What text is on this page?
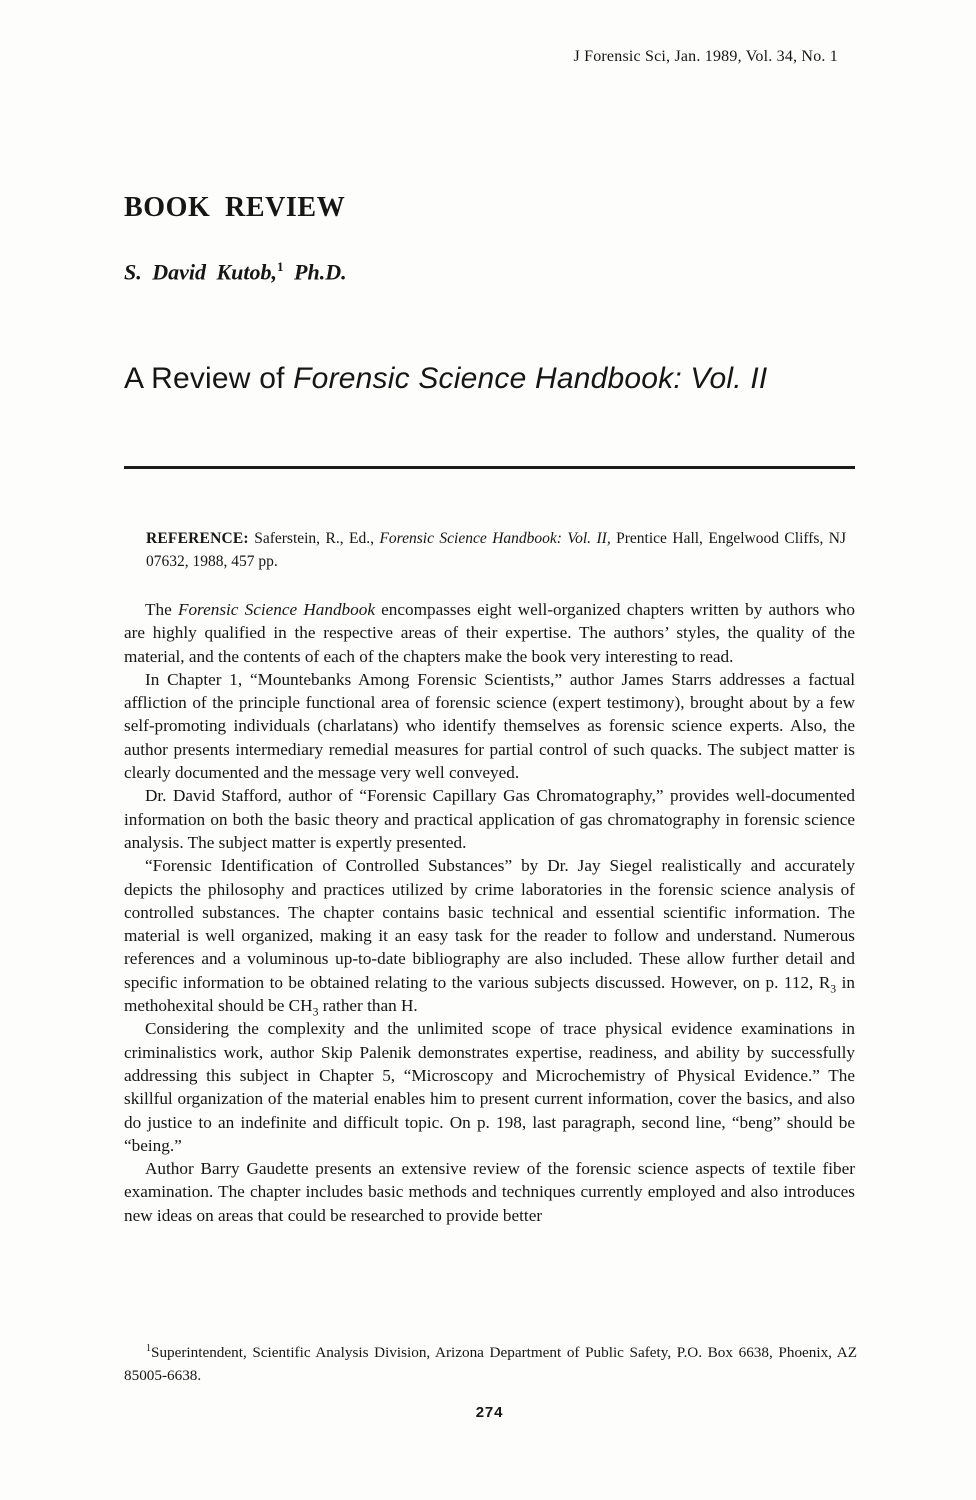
J Forensic Sci, Jan. 1989, Vol. 34, No. 1
BOOK REVIEW
S. David Kutob,$^1$ Ph.D.
A Review of Forensic Science Handbook: Vol. II

REFERENCE: Saferstein, R., Ed., Forensic Science Handbook: Vol. II, Prentice Hall, Engelwood Cliffs, NJ 07632, 1988, 457 pp.

The Forensic Science Handbook encompasses eight well-organized chapters written by authors who are highly qualified in the respective areas of their expertise. The authors’ styles, the quality of the material, and the contents of each of the chapters make the book very interesting to read.

In Chapter 1, “Mountebanks Among Forensic Scientists,” author James Starrs addresses a factual affliction of the principle functional area of forensic science (expert testimony), brought about by a few self-promoting individuals (charlatans) who identify themselves as forensic science experts. Also, the author presents intermediary remedial measures for partial control of such quacks. The subject matter is clearly documented and the message very well conveyed.

Dr. David Stafford, author of “Forensic Capillary Gas Chromatography,” provides well-documented information on both the basic theory and practical application of gas chromatography in forensic science analysis. The subject matter is expertly presented.

“Forensic Identification of Controlled Substances” by Dr. Jay Siegel realistically and accurately depicts the philosophy and practices utilized by crime laboratories in the forensic science analysis of controlled substances. The chapter contains basic technical and essential scientific information. The material is well organized, making it an easy task for the reader to follow and understand. Numerous references and a voluminous up-to-date bibliography are also included. These allow further detail and specific information to be obtained relating to the various subjects discussed. However, on p. 112, $R_3$ in methohexital should be $CH_3$ rather than H.

Considering the complexity and the unlimited scope of trace physical evidence examinations in criminalistics work, author Skip Palenik demonstrates expertise, readiness, and ability by successfully addressing this subject in Chapter 5, “Microscopy and Microchemistry of Physical Evidence.” The skillful organization of the material enables him to present current information, cover the basics, and also do justice to an indefinite and difficult topic. On p. 198, last paragraph, second line, “beng” should be “being.”

Author Barry Gaudette presents an extensive review of the forensic science aspects of textile fiber examination. The chapter includes basic methods and techniques currently employed and also introduces new ideas on areas that could be researched to provide better

$^1$Superintendent, Scientific Analysis Division, Arizona Department of Public Safety, P.O. Box 6638, Phoenix, AZ 85005-6638.
274
